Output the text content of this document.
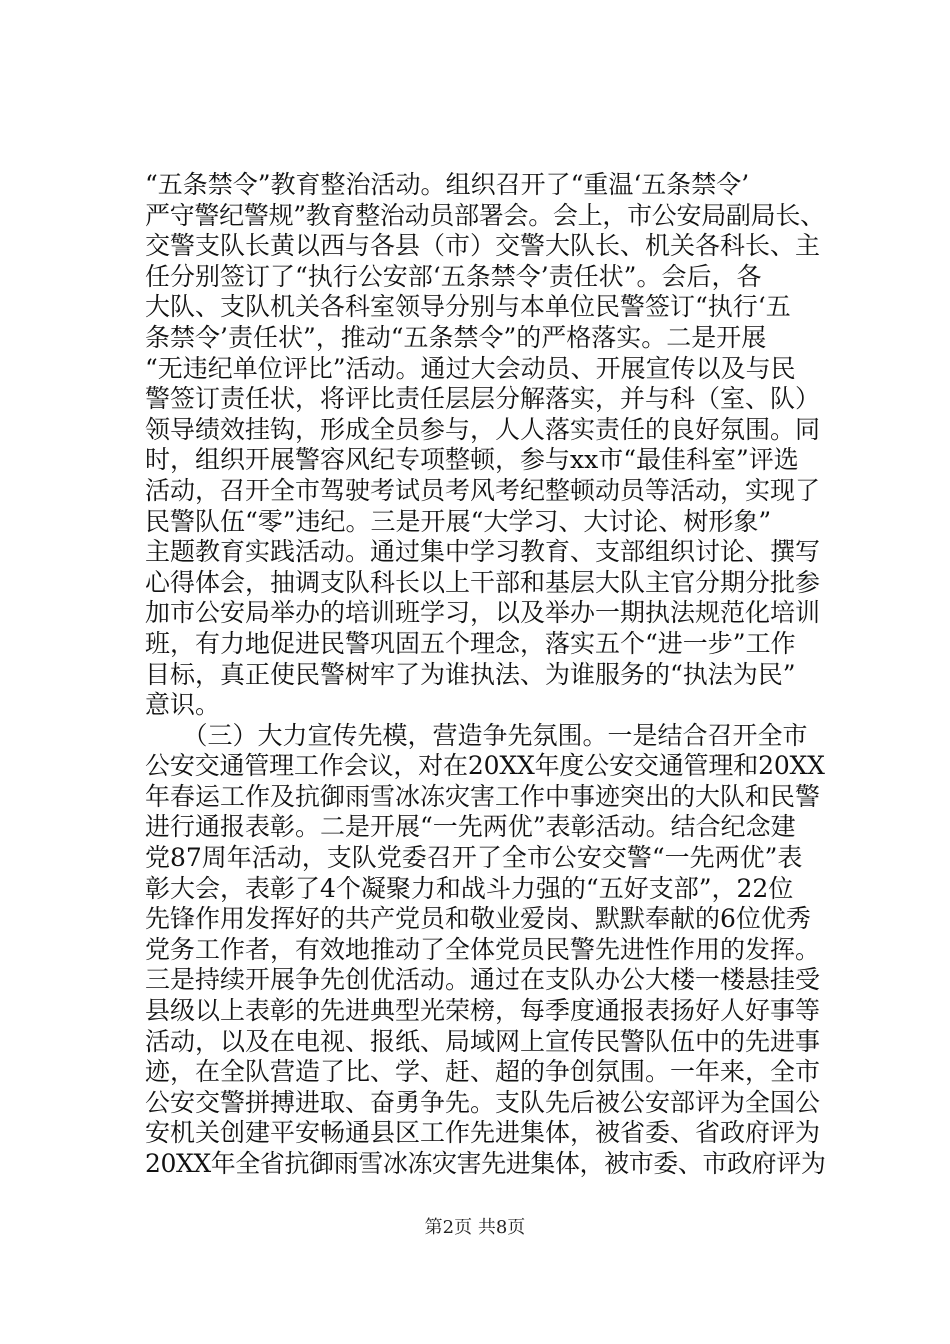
“五条禁令”教育整治活动。组织召开了“重温‘五条禁令’
严守警纪警规”教育整治动员部署会。会上，市公安局副局长、
交警支队长黄以西与各县（市）交警大队长、机关各科长、主
任分别签订了“执行公安部‘五条禁令’责任状”。会后，各
大队、支队机关各科室领导分别与本单位民警签订“执行‘五
条禁令’责任状”，推动“五条禁令”的严格落实。二是开展
“无违纪单位评比”活动。通过大会动员、开展宣传以及与民
警签订责任状，将评比责任层层分解落实，并与科（室、队）
领导绩效挂钩，形成全员参与，人人落实责任的良好氛围。同
时，组织开展警容风纪专项整顿，参与xx市“最佳科室”评选
活动，召开全市驾驶考试员考风考纪整顿动员等活动，实现了
民警队伍“零”违纪。三是开展“大学习、大讨论、树形象”
主题教育实践活动。通过集中学习教育、支部组织讨论、撰写
心得体会，抽调支队科长以上干部和基层大队主官分期分批参
加市公安局举办的培训班学习，以及举办一期执法规范化培训
班，有力地促进民警巩固五个理念，落实五个“进一步”工作
目标，真正使民警树牢了为谁执法、为谁服务的“执法为民”
意识。
　　（三）大力宣传先模，营造争先氛围。一是结合召开全市
公安交通管理工作会议，对在20XX年度公安交通管理和20XX
年春运工作及抗御雨雪冰冻灾害工作中事迹突出的大队和民警
进行通报表彰。二是开展“一先两优”表彰活动。结合纪念建
党87周年活动，支队党委召开了全市公安交警“一先两优”表
彰大会，表彰了4个凝聚力和战斗力强的“五好支部”，22位
先锋作用发挥好的共产党员和敬业爱岗、默默奉献的6位优秀
党务工作者，有效地推动了全体党员民警先进性作用的发挥。
三是持续开展争先创优活动。通过在支队办公大楼一楼悬挂受
县级以上表彰的先进典型光荣榜，每季度通报表扬好人好事等
活动，以及在电视、报纸、局域网上宣传民警队伍中的先进事
迹，在全队营造了比、学、赶、超的争创氛围。一年来，全市
公安交警拼搏进取、奋勇争先。支队先后被公安部评为全国公
安机关创建平安畅通县区工作先进集体，被省委、省政府评为
20XX年全省抗御雨雪冰冻灾害先进集体，被市委、市政府评为
第2页 共8页
